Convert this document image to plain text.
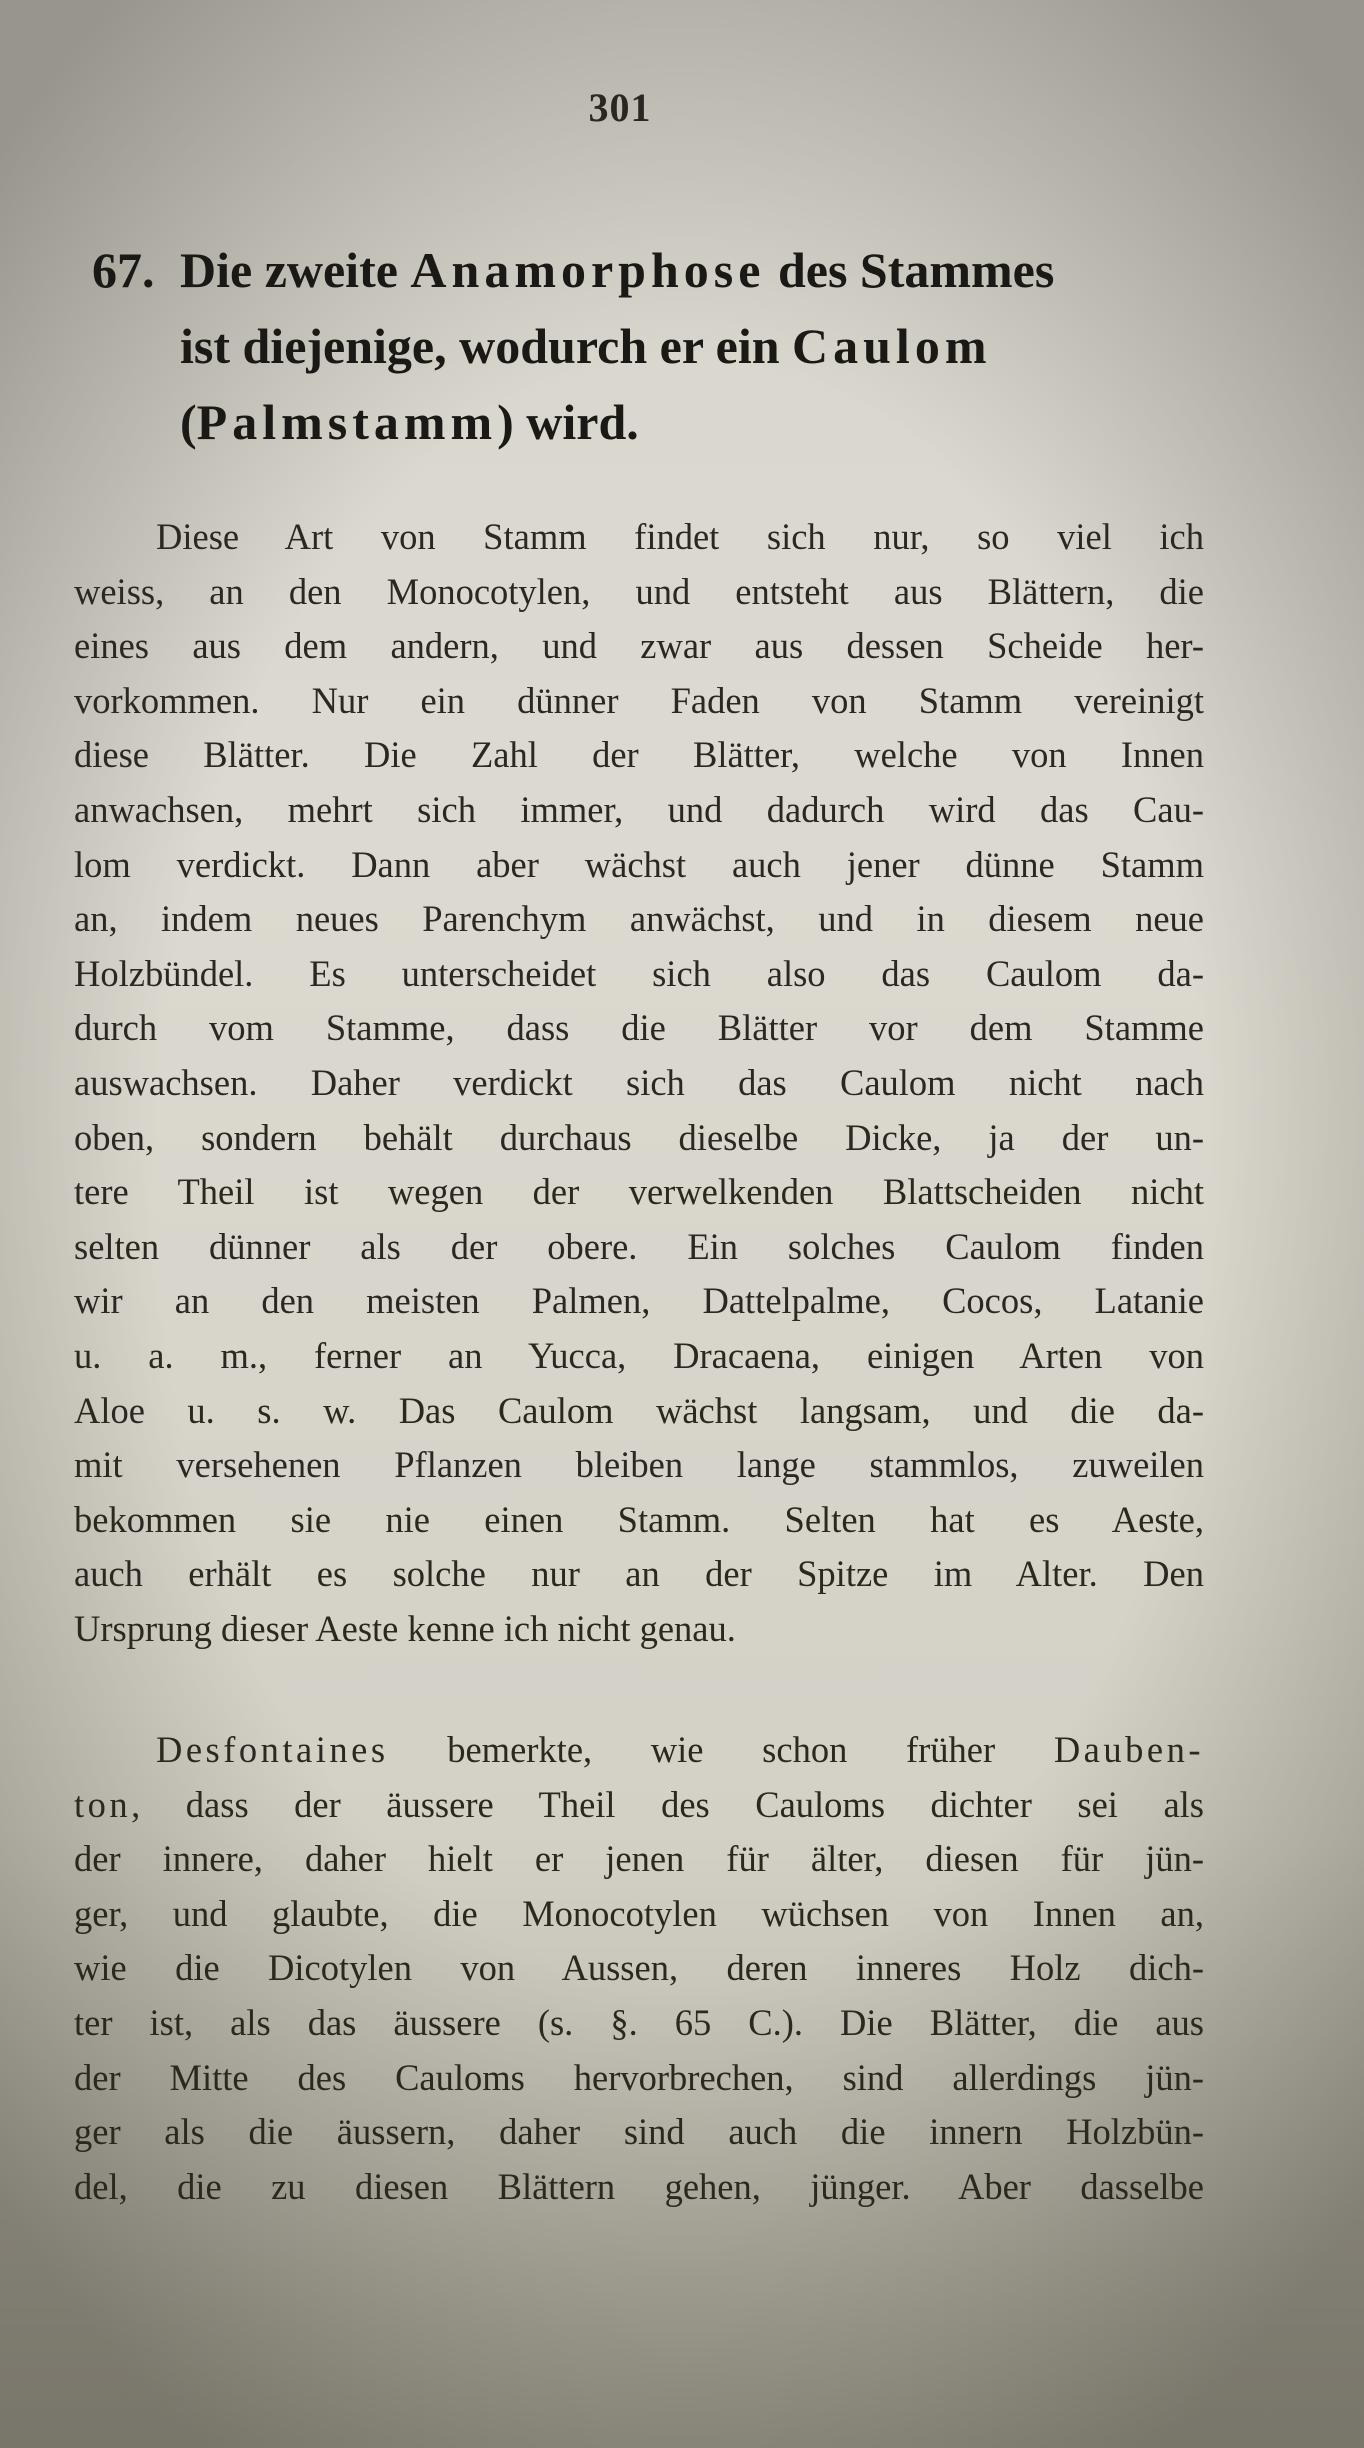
301
67. Die zweite Anamorphose des Stammes
ist diejenige, wodurch er ein Caulom
(Palmstamm) wird.
Diese Art von Stamm findet sich nur, so viel ich
weiss, an den Monocotylen, und entsteht aus Blättern, die
eines aus dem andern, und zwar aus dessen Scheide her-
vorkommen. Nur ein dünner Faden von Stamm vereinigt
diese Blätter. Die Zahl der Blätter, welche von Innen
anwachsen, mehrt sich immer, und dadurch wird das Cau-
lom verdickt. Dann aber wächst auch jener dünne Stamm
an, indem neues Parenchym anwächst, und in diesem neue
Holzbündel. Es unterscheidet sich also das Caulom da-
durch vom Stamme, dass die Blätter vor dem Stamme
auswachsen. Daher verdickt sich das Caulom nicht nach
oben, sondern behält durchaus dieselbe Dicke, ja der un-
tere Theil ist wegen der verwelkenden Blattscheiden nicht
selten dünner als der obere. Ein solches Caulom finden
wir an den meisten Palmen, Dattelpalme, Cocos, Latanie
u. a. m., ferner an Yucca, Dracaena, einigen Arten von
Aloe u. s. w. Das Caulom wächst langsam, und die da-
mit versehenen Pflanzen bleiben lange stammlos, zuweilen
bekommen sie nie einen Stamm. Selten hat es Aeste,
auch erhält es solche nur an der Spitze im Alter. Den
Ursprung dieser Aeste kenne ich nicht genau.
Desfontaines bemerkte, wie schon früher Dauben-
ton, dass der äussere Theil des Cauloms dichter sei als
der innere, daher hielt er jenen für älter, diesen für jün-
ger, und glaubte, die Monocotylen wüchsen von Innen an,
wie die Dicotylen von Aussen, deren inneres Holz dich-
ter ist, als das äussere (s. §. 65 C.). Die Blätter, die aus
der Mitte des Cauloms hervorbrechen, sind allerdings jün-
ger als die äussern, daher sind auch die innern Holzbün-
del, die zu diesen Blättern gehen, jünger. Aber dasselbe
